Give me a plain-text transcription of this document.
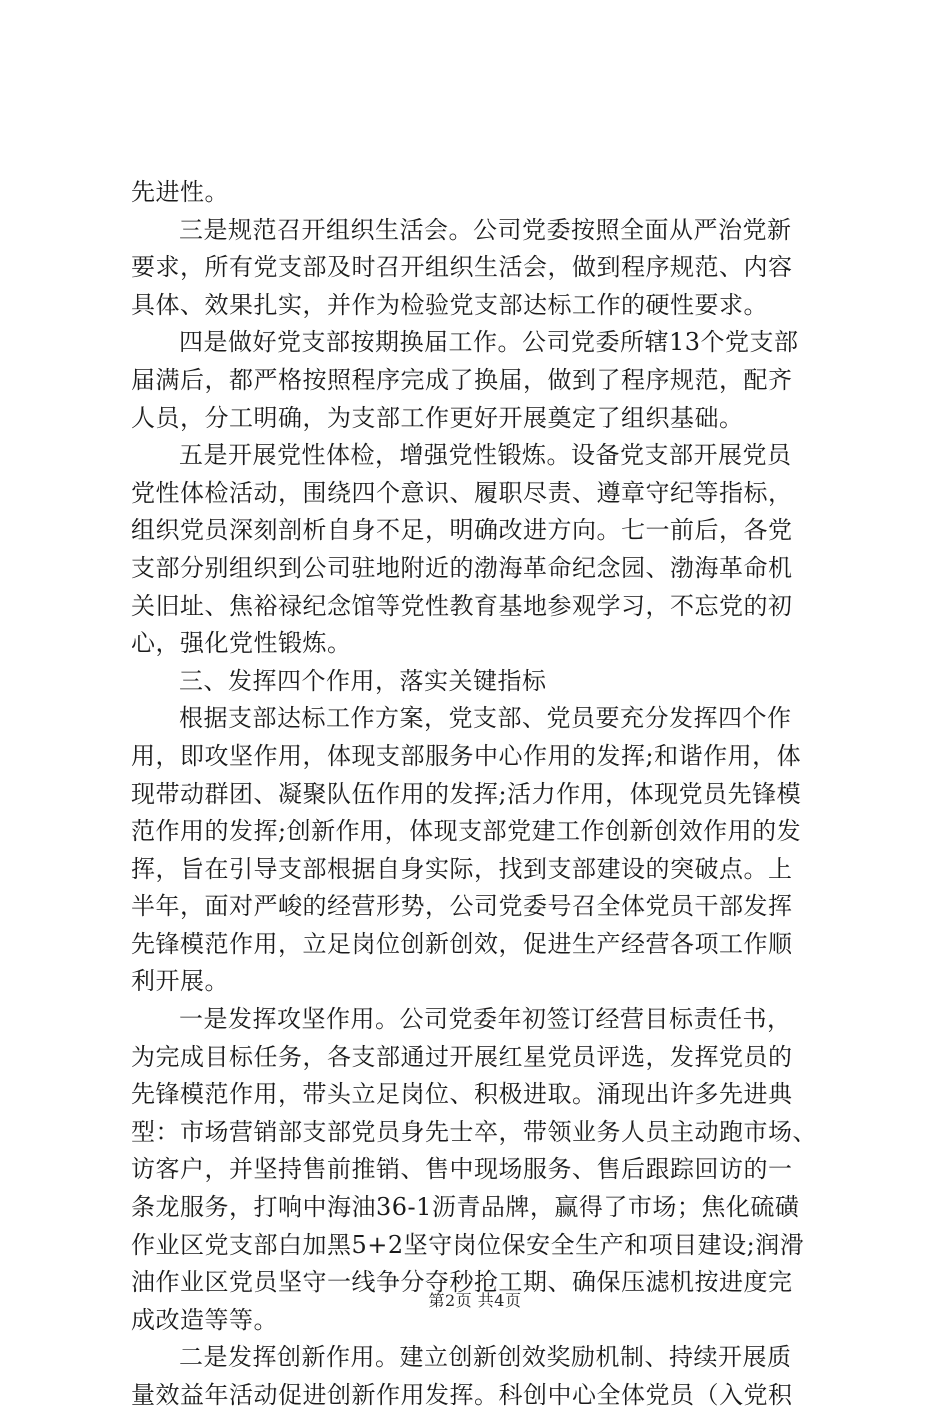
先进性。
三是规范召开组织生活会。公司党委按照全面从严治党新
要求，所有党支部及时召开组织生活会，做到程序规范、内容
具体、效果扎实，并作为检验党支部达标工作的硬性要求。
四是做好党支部按期换届工作。公司党委所辖13个党支部
届满后，都严格按照程序完成了换届，做到了程序规范，配齐
人员，分工明确，为支部工作更好开展奠定了组织基础。
五是开展党性体检，增强党性锻炼。设备党支部开展党员
党性体检活动，围绕四个意识、履职尽责、遵章守纪等指标，
组织党员深刻剖析自身不足，明确改进方向。七一前后，各党
支部分别组织到公司驻地附近的渤海革命纪念园、渤海革命机
关旧址、焦裕禄纪念馆等党性教育基地参观学习，不忘党的初
心，强化党性锻炼。
三、发挥四个作用，落实关键指标
根据支部达标工作方案，党支部、党员要充分发挥四个作
用，即攻坚作用，体现支部服务中心作用的发挥;和谐作用，体
现带动群团、凝聚队伍作用的发挥;活力作用，体现党员先锋模
范作用的发挥;创新作用，体现支部党建工作创新创效作用的发
挥，旨在引导支部根据自身实际，找到支部建设的突破点。上
半年，面对严峻的经营形势，公司党委号召全体党员干部发挥
先锋模范作用，立足岗位创新创效，促进生产经营各项工作顺
利开展。
一是发挥攻坚作用。公司党委年初签订经营目标责任书，
为完成目标任务，各支部通过开展红星党员评选，发挥党员的
先锋模范作用，带头立足岗位、积极进取。涌现出许多先进典
型：市场营销部支部党员身先士卒，带领业务人员主动跑市场、
访客户，并坚持售前推销、售中现场服务、售后跟踪回访的一
条龙服务，打响中海油36-1沥青品牌，赢得了市场；焦化硫磺
作业区党支部白加黑5+2坚守岗位保安全生产和项目建设;润滑
油作业区党员坚守一线争分夺秒抢工期、确保压滤机按进度完
成改造等等。
二是发挥创新作用。建立创新创效奖励机制、持续开展质
量效益年活动促进创新作用发挥。科创中心全体党员（入党积
第2页 共4页
